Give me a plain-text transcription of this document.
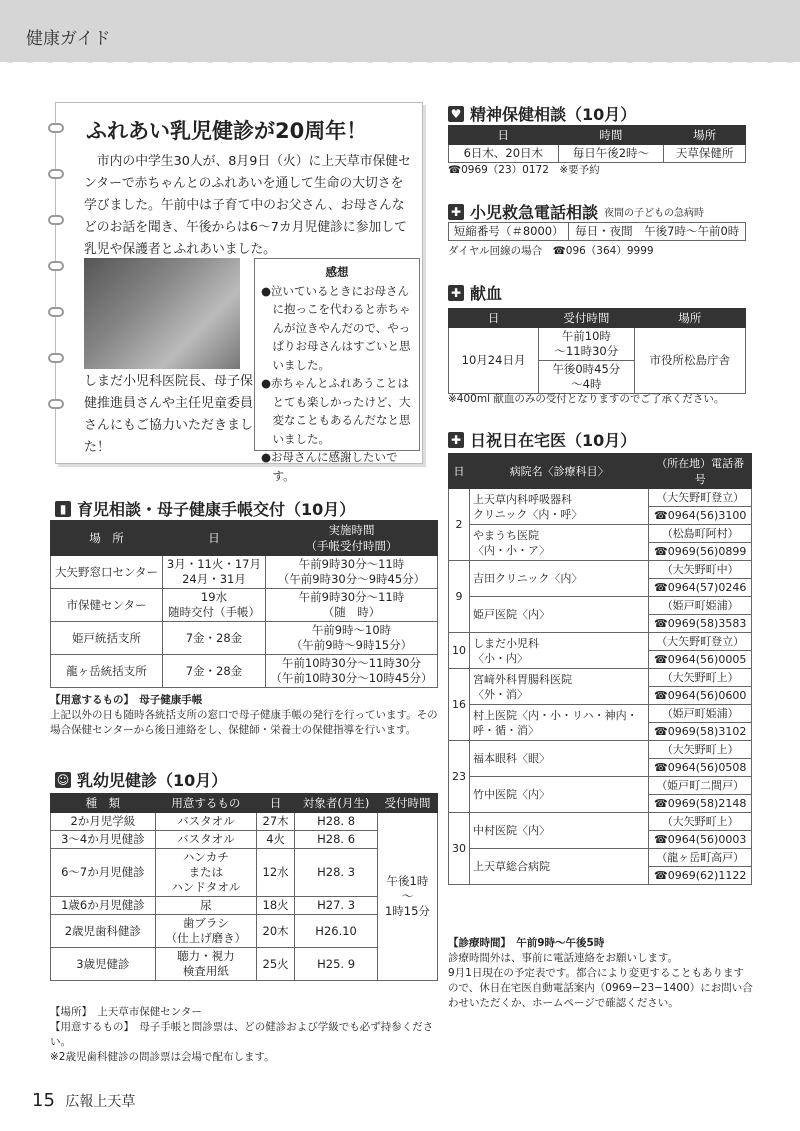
健康ガイド
ふれあい乳児健診が20周年！
　市内の中学生30人が、8月9日（火）に上天草市保健センターで赤ちゃんとのふれあいを通して生命の大切さを学びました。午前中は子育て中のお父さん、お母さんなどのお話を聞き、午後からは6〜7カ月児健診に参加して乳児や保護者とふれあいました。
感想

●泣いているときにお母さんに抱っこを代わると赤ちゃんが泣きやんだので、やっぱりお母さんはすごいと思いました。

●赤ちゃんとふれあうことはとても楽しかったけど、大変なこともあるんだなと思いました。

●お母さんに感謝したいです。

しまだ小児科医院長、母子保健推進員さんや主任児童委員さんにもご協力いただきました！
▮ 育児相談・母子健康手帳交付（10月）
場　所	日	実施時間
（手帳受付時間）
大矢野窓口センター	3月・11火・17月
24月・31月	午前9時30分〜11時
（午前9時30分〜9時45分）
市保健センター	19水
随時交付（手帳）	午前9時30分〜11時
（随　時）
姫戸統括支所	7金・28金	午前9時〜10時
（午前9時〜9時15分）
龍ヶ岳統括支所	7金・28金	午前10時30分〜11時30分
（午前10時30分〜10時45分）
【用意するもの】　母子健康手帳
上記以外の日も随時各統括支所の窓口で母子健康手帳の発行を行っています。その場合保健センターから後日連絡をし、保健師・栄養士の保健指導を行います。
☺ 乳幼児健診（10月）
種　類	用意するもの	日	対象者(月生)	受付時間
2か月児学級	バスタオル	27木	H28. 8	午後1時
〜
1時15分
3〜4か月児健診	バスタオル	4火	H28. 6	
6〜7か月児健診	ハンカチ
または
ハンドタオル	12水	H28. 3	
1歳6か月児健診	尿	18火	H27. 3	
2歳児歯科健診	歯ブラシ
（仕上げ磨き）	20木	H26.10	
3歳児健診	聴力・視力
検査用紙	25火	H25. 9	
【場所】　上天草市保健センター
【用意するもの】　母子手帳と問診票は、どの健診および学級でも必ず持参ください。
※2歳児歯科健診の問診票は会場で配布します。
♥ 精神保健相談（10月）
日	時間	場所
6日木、20日木	毎日午後2時〜	天草保健所
☎0969（23）0172　※要予約
✚ 小児救急電話相談 夜間の子どもの急病時
短縮番号（＃8000）	毎日・夜間　午後7時〜午前0時
ダイヤル回線の場合　☎096（364）9999
✚ 献血
日	受付時間	場所
10月24日月	午前10時
〜11時30分	市役所松島庁舎
	午後0時45分
〜4時	
※400ml 献血のみの受付となりますのでご了承ください。
✚ 日祝日在宅医（10月）
日	病院名〈診療科目〉	（所在地）電話番号
2	上天草内科呼吸器科
クリニック〈内・呼〉	（大矢野町登立）
		☎0964(56)3100
	やまうち医院
〈内・小・ア〉	（松島町阿村）
		☎0969(56)0899
9	吉田クリニック〈内〉	（大矢野町中）
		☎0964(57)0246
	姫戸医院〈内〉	（姫戸町姫浦）
		☎0969(58)3583
10	しまだ小児科
〈小・内〉	（大矢野町登立）
		☎0964(56)0005
16	宮﨑外科胃腸科医院
〈外・消〉	（大矢野町上）
		☎0964(56)0600
	村上医院〈内・小・リハ・神内・呼・循・消〉	（姫戸町姫浦）
		☎0969(58)3102
23	福本眼科〈眼〉	（大矢野町上）
		☎0964(56)0508
	竹中医院〈内〉	（姫戸町二間戸）
		☎0969(58)2148
30	中村医院〈内〉	（大矢野町上）
		☎0964(56)0003
	上天草総合病院	（龍ヶ岳町高戸）
		☎0969(62)1122
【診療時間】　午前9時〜午後5時
診療時間外は、事前に電話連絡をお願いします。
9月1日現在の予定表です。都合により変更することもありますので、休日在宅医自動電話案内（0969−23−1400）にお問い合わせいただくか、ホームページで確認ください。
15 広報上天草
